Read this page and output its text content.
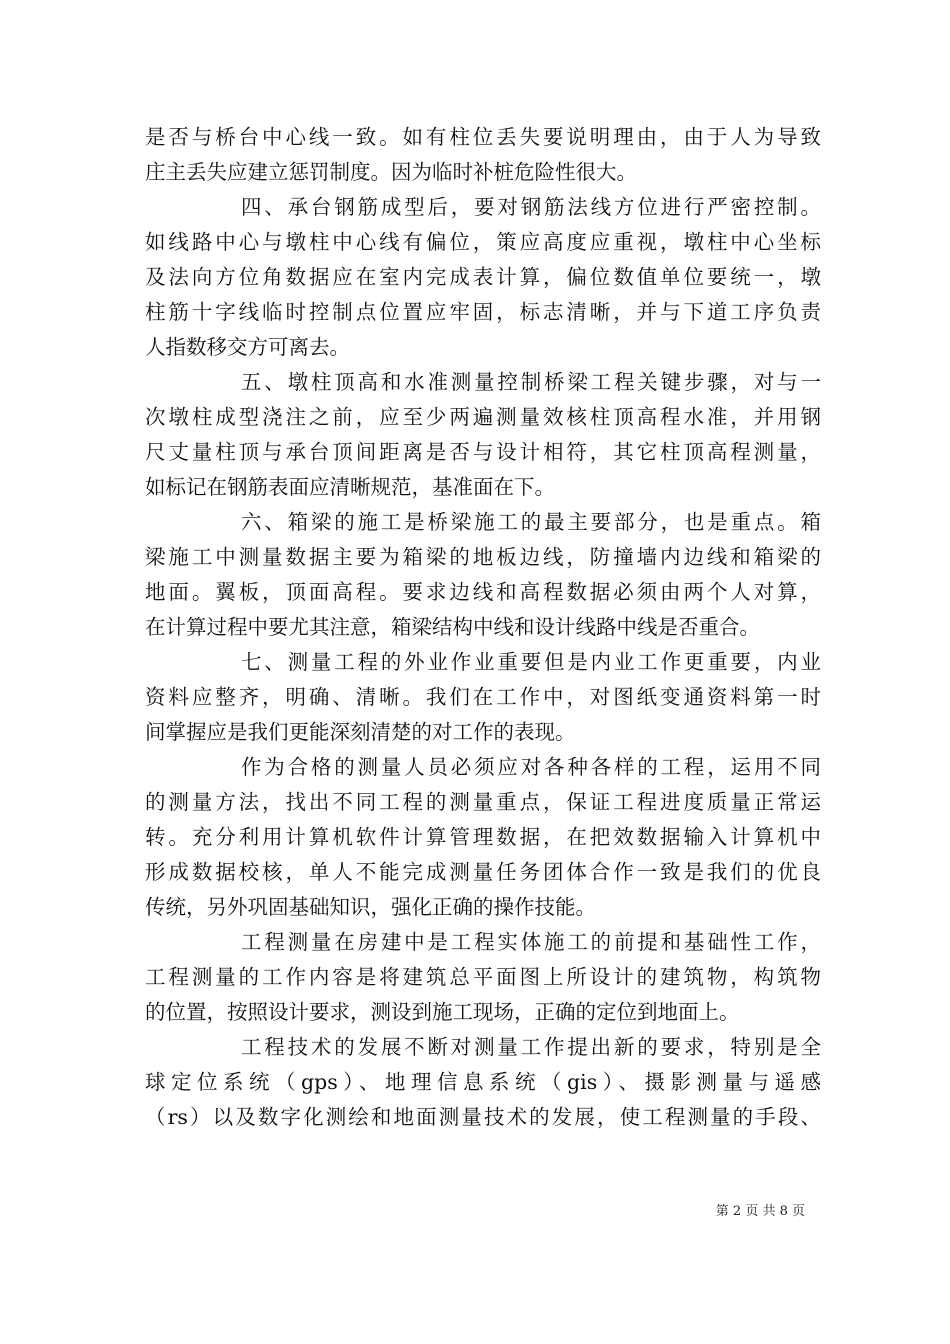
是否与桥台中心线一致。如有柱位丢失要说明理由，由于人为导致
庄主丢失应建立惩罚制度。因为临时补桩危险性很大。
四、承台钢筋成型后，要对钢筋法线方位进行严密控制。
如线路中心与墩柱中心线有偏位，策应高度应重视，墩柱中心坐标
及法向方位角数据应在室内完成表计算，偏位数值单位要统一，墩
柱筋十字线临时控制点位置应牢固，标志清晰，并与下道工序负责
人指数移交方可离去。
五、墩柱顶高和水准测量控制桥梁工程关键步骤，对与一
次墩柱成型浇注之前，应至少两遍测量效核柱顶高程水准，并用钢
尺丈量柱顶与承台顶间距离是否与设计相符，其它柱顶高程测量，
如标记在钢筋表面应清晰规范，基准面在下。
六、箱梁的施工是桥梁施工的最主要部分，也是重点。箱
梁施工中测量数据主要为箱梁的地板边线，防撞墙内边线和箱梁的
地面。翼板，顶面高程。要求边线和高程数据必须由两个人对算，
在计算过程中要尤其注意，箱梁结构中线和设计线路中线是否重合。
七、测量工程的外业作业重要但是内业工作更重要，内业
资料应整齐，明确、清晰。我们在工作中，对图纸变通资料第一时
间掌握应是我们更能深刻清楚的对工作的表现。
作为合格的测量人员必须应对各种各样的工程，运用不同
的测量方法，找出不同工程的测量重点，保证工程进度质量正常运
转。充分利用计算机软件计算管理数据，在把效数据输入计算机中
形成数据校核，单人不能完成测量任务团体合作一致是我们的优良
传统，另外巩固基础知识，强化正确的操作技能。
工程测量在房建中是工程实体施工的前提和基础性工作，
工程测量的工作内容是将建筑总平面图上所设计的建筑物，构筑物
的位置，按照设计要求，测设到施工现场，正确的定位到地面上。
工程技术的发展不断对测量工作提出新的要求，特别是全
球定位系统（gps）、地理信息系统（gis）、摄影测量与遥感
（rs）以及数字化测绘和地面测量技术的发展，使工程测量的手段、
第 2 页 共 8 页
